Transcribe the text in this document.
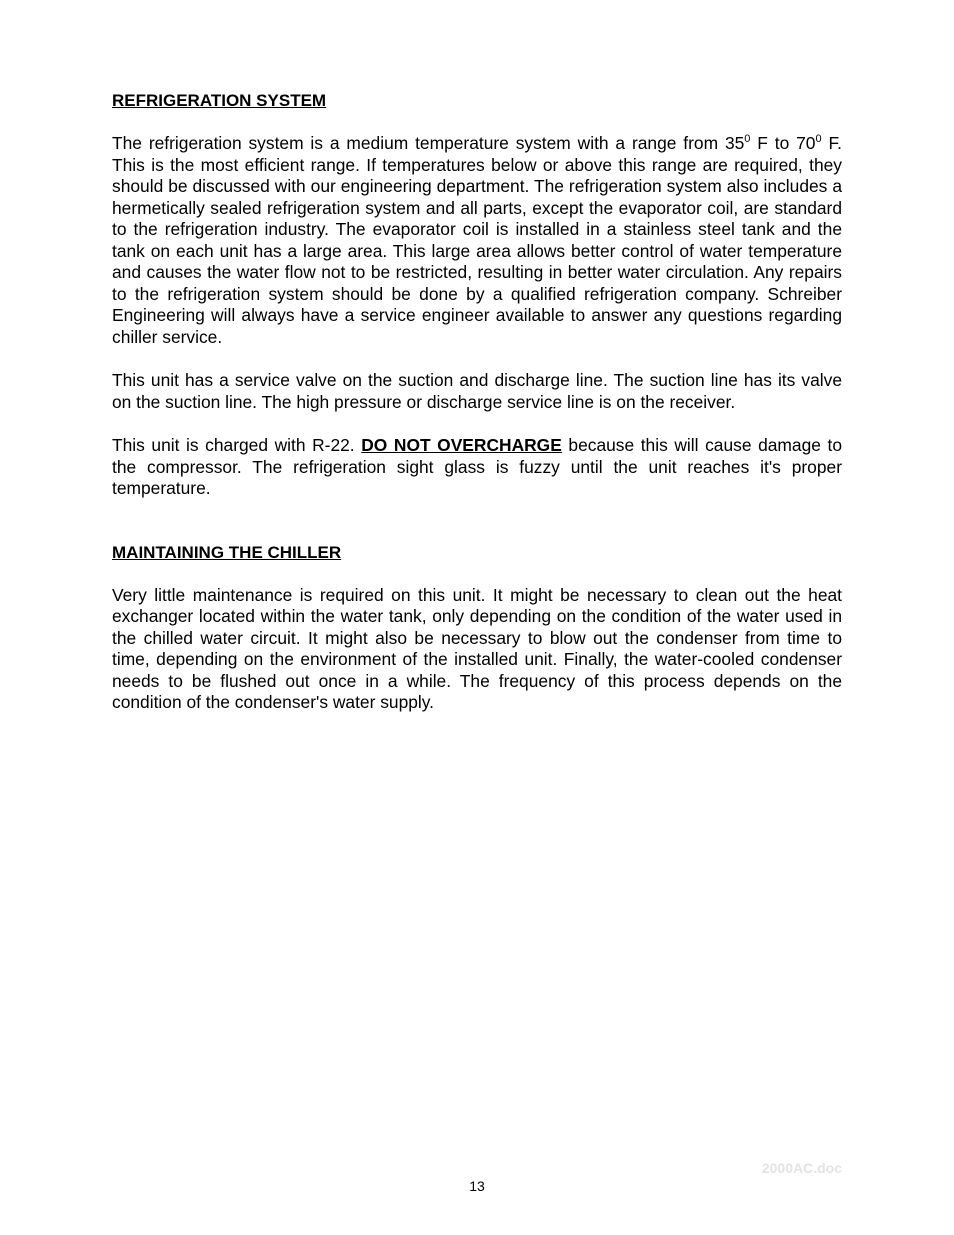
REFRIGERATION SYSTEM

The refrigeration system is a medium temperature system with a range from $35^0$ F to $70^0$ F. This is the most efficient range. If temperatures below or above this range are required, they should be discussed with our engineering department. The refrigeration system also includes a hermetically sealed refrigeration system and all parts, except the evaporator coil, are standard to the refrigeration industry. The evaporator coil is installed in a stainless steel tank and the tank on each unit has a large area. This large area allows better control of water temperature and causes the water flow not to be restricted, resulting in better water circulation. Any repairs to the refrigeration system should be done by a qualified refrigeration company. Schreiber Engineering will always have a service engineer available to answer any questions regarding chiller service.

This unit has a service valve on the suction and discharge line. The suction line has its valve on the suction line. The high pressure or discharge service line is on the receiver.

This unit is charged with R-22. DO NOT OVERCHARGE because this will cause damage to the compressor. The refrigeration sight glass is fuzzy until the unit reaches it's proper temperature.

MAINTAINING THE CHILLER

Very little maintenance is required on this unit. It might be necessary to clean out the heat exchanger located within the water tank, only depending on the condition of the water used in the chilled water circuit. It might also be necessary to blow out the condenser from time to time, depending on the environment of the installed unit. Finally, the water-cooled condenser needs to be flushed out once in a while. The frequency of this process depends on the condition of the condenser's water supply.

2000AC.doc
13
